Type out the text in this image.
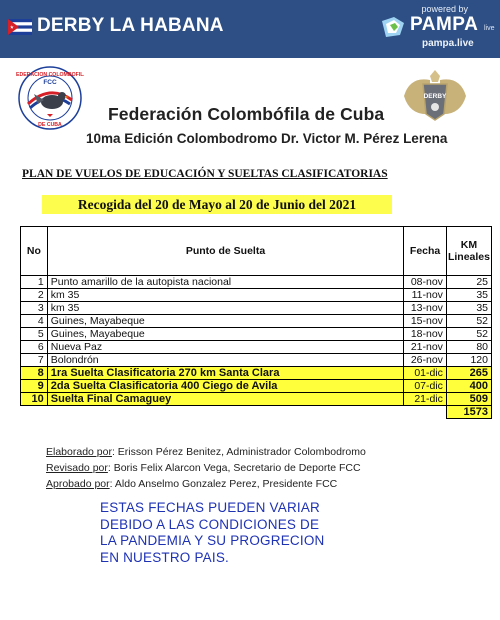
DERBY LA HABANA
powered by
PAMPA live
pampa.live
FEDERACION COLOMBOFILA
FCC
DE CUBA
DERBY
Federación Colombófila de Cuba
10ma Edición Colombodromo Dr. Victor M. Pérez Lerena
PLAN DE VUELOS DE EDUCACIÓN Y SUELTAS CLASIFICATORIAS
Recogida del 20 de Mayo al 20 de Junio del 2021
No	Punto de Suelta	Fecha	KM Lineales
1	Punto amarillo de la autopista nacional	08-nov	25
2	km 35	11-nov	35
3	km 35	13-nov	35
4	Guines, Mayabeque	15-nov	52
5	Guines, Mayabeque	18-nov	52
6	Nueva Paz	21-nov	80
7	Bolondrón	26-nov	120
8	1ra Suelta Clasificatoria 270 km Santa Clara	01-dic	265
9	2da Suelta Clasificatoria 400 Ciego de Avila	07-dic	400
10	Suelta Final Camaguey	21-dic	509
			1573
Elaborado por: Erisson Pérez Benitez, Administrador Colombodromo
Revisado por: Boris Felix Alarcon Vega, Secretario de Deporte FCC
Aprobado por: Aldo Anselmo Gonzalez Perez, Presidente FCC
ESTAS FECHAS PUEDEN VARIAR
DEBIDO A LAS CONDICIONES DE
LA PANDEMIA Y SU PROGRECION
EN NUESTRO PAIS.
